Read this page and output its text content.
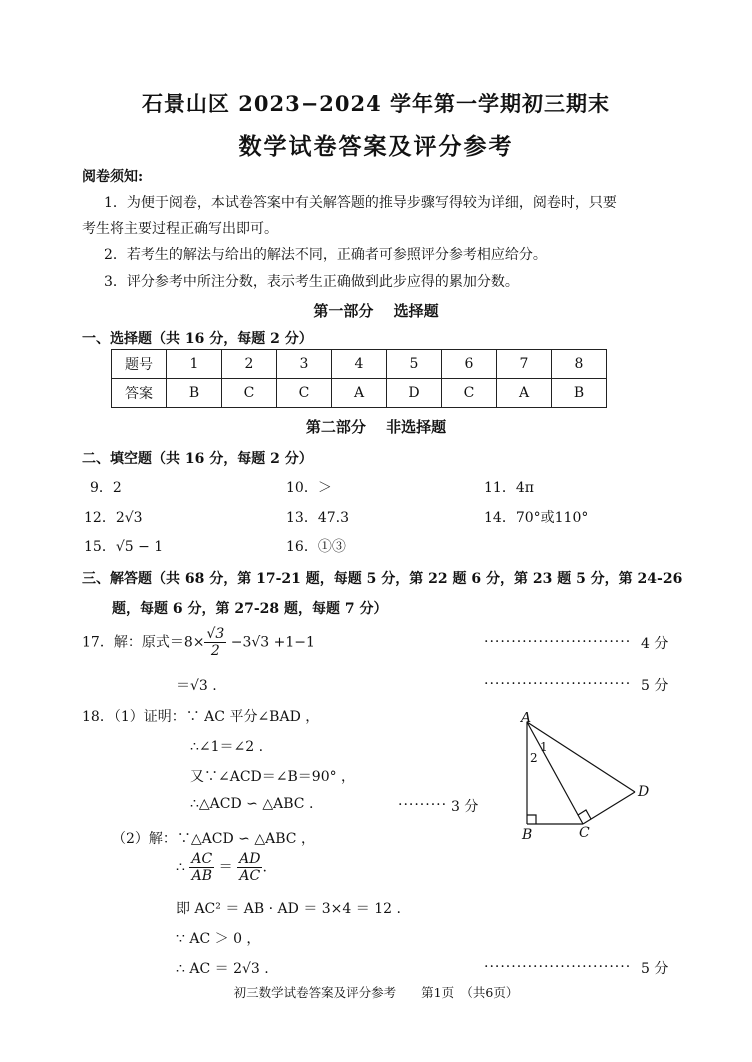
石景山区 2023−2024 学年第一学期初三期末
数学试卷答案及评分参考
阅卷须知:
1．为便于阅卷，本试卷答案中有关解答题的推导步骤写得较为详细，阅卷时，只要
考生将主要过程正确写出即可。
2．若考生的解法与给出的解法不同，正确者可参照评分参考相应给分。
3．评分参考中所注分数，表示考生正确做到此步应得的累加分数。
第一部分　 选择题
一、选择题（共 16 分，每题 2 分）
题号	1	2	3	4	5	6	7	8
答案	B	C	C	A	D	C	A	B
第二部分　 非选择题
二、填空题（共 16 分，每题 2 分）
9．2	10．＞	11．4π
12．2√3	13．47.3	14．70°或110°
15．√5 − 1	16．①③
三、解答题（共 68 分，第 17-21 题，每题 5 分，第 22 题 6 分，第 23 题 5 分，第 24-26
题，每题 6 分，第 27-28 题，每题 7 分）
17．解：原式$=8\times \frac{√3}{2} -3√3 +1-1$	........................... 4 分
＝√3 .	........................... 5 分
18．（1）证明：∵ AC 平分∠BAD ，
∴∠1＝∠2 .
又∵∠ACD＝∠B＝90° ，
∴△ACD ∽ △ABC .	......... 3 分
（2）解：∵△ACD ∽ △ABC ，
∴ $\frac{AC}{AB} = \frac{AD}{AC}$ .
即 AC² ＝ AB · AD ＝ 3×4 ＝ 12 .
∵ AC ＞ 0 ，
∴ AC ＝ 2√3 .	........................... 5 分
A
B	C
D
1
2
初三数学试卷答案及评分参考　　第1页　（共6页）
